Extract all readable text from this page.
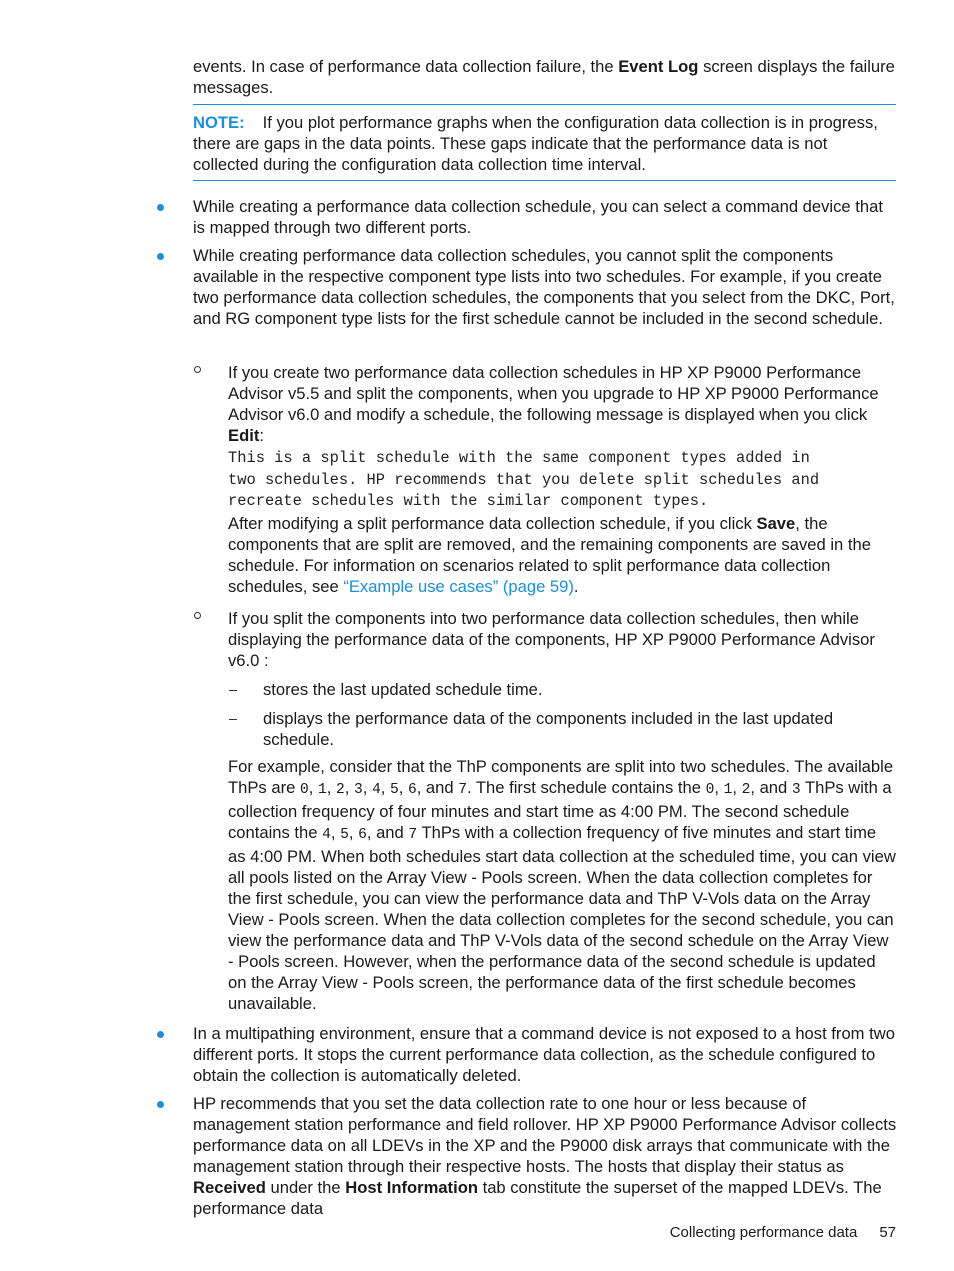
events. In case of performance data collection failure, the Event Log screen displays the failure messages.

NOTE: If you plot performance graphs when the configuration data collection is in progress, there are gaps in the data points. These gaps indicate that the performance data is not collected during the configuration data collection time interval.

While creating a performance data collection schedule, you can select a command device that is mapped through two different ports.

While creating performance data collection schedules, you cannot split the components available in the respective component type lists into two schedules. For example, if you create two performance data collection schedules, the components that you select from the DKC, Port, and RG component type lists for the first schedule cannot be included in the second schedule.

If you create two performance data collection schedules in HP XP P9000 Performance Advisor v5.5 and split the components, when you upgrade to HP XP P9000 Performance Advisor v6.0 and modify a schedule, the following message is displayed when you click Edit:

This is a split schedule with the same component types added in
two schedules. HP recommends that you delete split schedules and
recreate schedules with the similar component types.

After modifying a split performance data collection schedule, if you click Save, the components that are split are removed, and the remaining components are saved in the schedule. For information on scenarios related to split performance data collection schedules, see “Example use cases” (page 59).

If you split the components into two performance data collection schedules, then while displaying the performance data of the components, HP XP P9000 Performance Advisor v6.0 :

stores the last updated schedule time.

displays the performance data of the components included in the last updated schedule.

For example, consider that the ThP components are split into two schedules. The available ThPs are 0, 1, 2, 3, 4, 5, 6, and 7. The first schedule contains the 0, 1, 2, and 3 ThPs with a collection frequency of four minutes and start time as 4:00 PM. The second schedule contains the 4, 5, 6, and 7 ThPs with a collection frequency of five minutes and start time as 4:00 PM. When both schedules start data collection at the scheduled time, you can view all pools listed on the Array View - Pools screen. When the data collection completes for the first schedule, you can view the performance data and ThP V-Vols data on the Array View - Pools screen. When the data collection completes for the second schedule, you can view the performance data and ThP V-Vols data of the second schedule on the Array View - Pools screen. However, when the performance data of the second schedule is updated on the Array View - Pools screen, the performance data of the first schedule becomes unavailable.

In a multipathing environment, ensure that a command device is not exposed to a host from two different ports. It stops the current performance data collection, as the schedule configured to obtain the collection is automatically deleted.

HP recommends that you set the data collection rate to one hour or less because of management station performance and field rollover. HP XP P9000 Performance Advisor collects performance data on all LDEVs in the XP and the P9000 disk arrays that communicate with the management station through their respective hosts. The hosts that display their status as Received under the Host Information tab constitute the superset of the mapped LDEVs. The performance data

Collecting performance data 57
